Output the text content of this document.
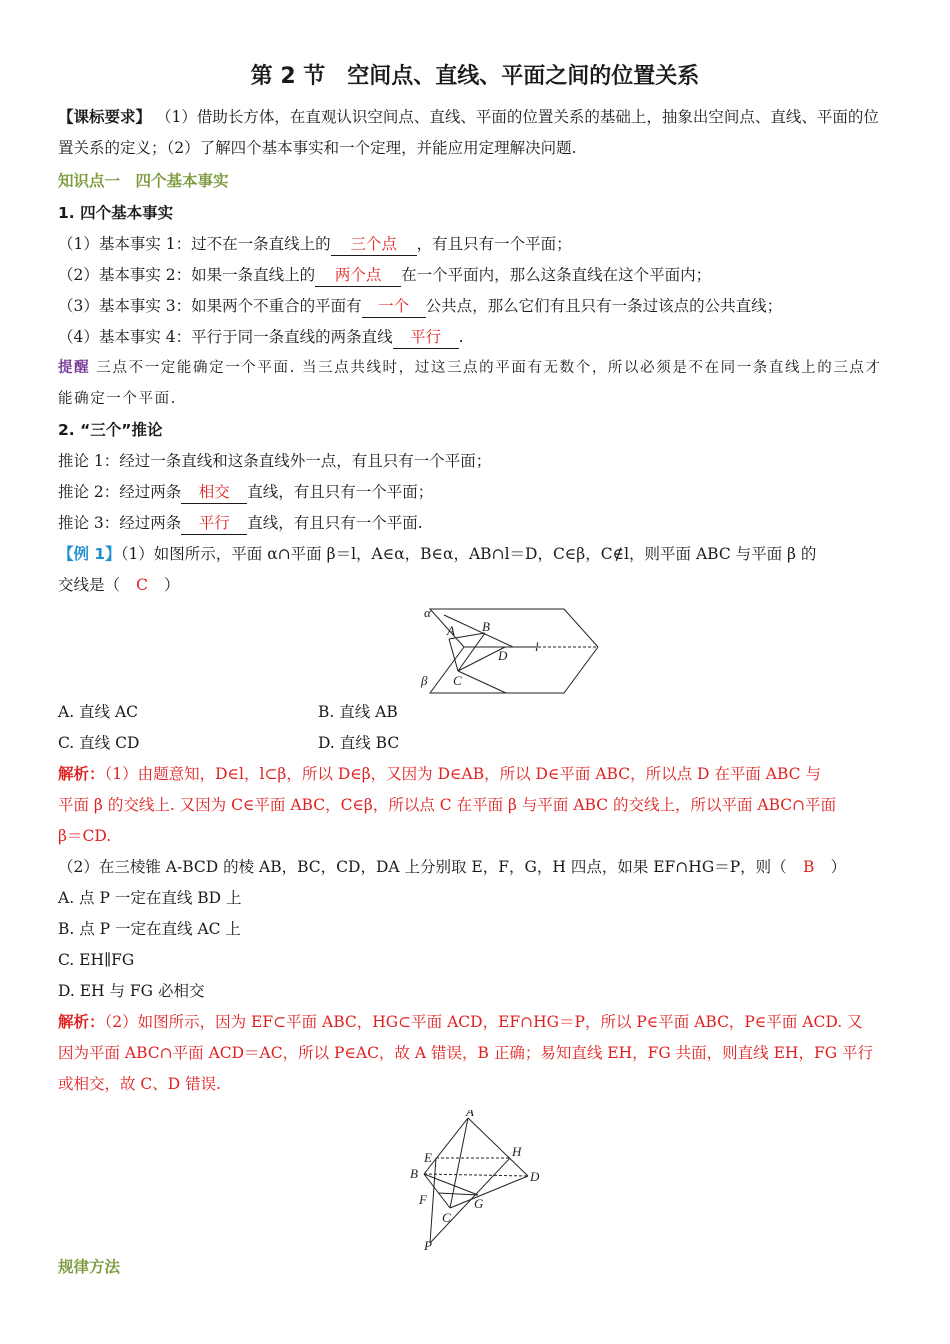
第 2 节　空间点、直线、平面之间的位置关系

【课标要求】 （1）借助长方体，在直观认识空间点、直线、平面的位置关系的基础上，抽象出空间点、直线、平面的位置关系的定义；（2）了解四个基本事实和一个定理，并能应用定理解决问题.

知识点一　四个基本事实

1. 四个基本事实

（1）基本事实 1：过不在一条直线上的 三个点 ，有且只有一个平面；

（2）基本事实 2：如果一条直线上的 两个点 在一个平面内，那么这条直线在这个平面内；

（3）基本事实 3：如果两个不重合的平面有 一个 公共点，那么它们有且只有一条过该点的公共直线；

（4）基本事实 4：平行于同一条直线的两条直线 平行 .

提醒 三点不一定能确定一个平面. 当三点共线时，过这三点的平面有无数个，所以必须是不在同一条直线上的三点才能确定一个平面.

2. “三个”推论

推论 1：经过一条直线和这条直线外一点，有且只有一个平面；

推论 2：经过两条 相交 直线，有且只有一个平面；

推论 3：经过两条 平行 直线，有且只有一个平面.

【例 1】（1）如图所示，平面 α∩平面 β＝l，A∈α，B∈α，AB∩l＝D，C∈β，C∉l，则平面 ABC 与平面 β 的

交线是（ C ）

α
β
A B
C
D
l

A. 直线 AC	B. 直线 AB

C. 直线 CD	D. 直线 BC

解析：（1）由题意知，D∈l，l⊂β，所以 D∈β，又因为 D∈AB，所以 D∈平面 ABC，所以点 D 在平面 ABC 与

平面 β 的交线上. 又因为 C∈平面 ABC，C∈β，所以点 C 在平面 β 与平面 ABC 的交线上，所以平面 ABC∩平面

β＝CD.

（2）在三棱锥 A-BCD 的棱 AB，BC，CD，DA 上分别取 E，F，G，H 四点，如果 EF∩HG＝P，则（ B ）

A. 点 P 一定在直线 BD 上

B. 点 P 一定在直线 AC 上

C. EH∥FG

D. EH 与 FG 必相交

解析：（2）如图所示，因为 EF⊂平面 ABC，HG⊂平面 ACD，EF∩HG＝P，所以 P∈平面 ABC，P∈平面 ACD. 又

因为平面 ABC∩平面 ACD＝AC，所以 P∈AC，故 A 错误，B 正确；易知直线 EH，FG 共面，则直线 EH，FG 平行

或相交，故 C、D 错误.

A
B
C
D
E
F	G
H
P
规律方法
